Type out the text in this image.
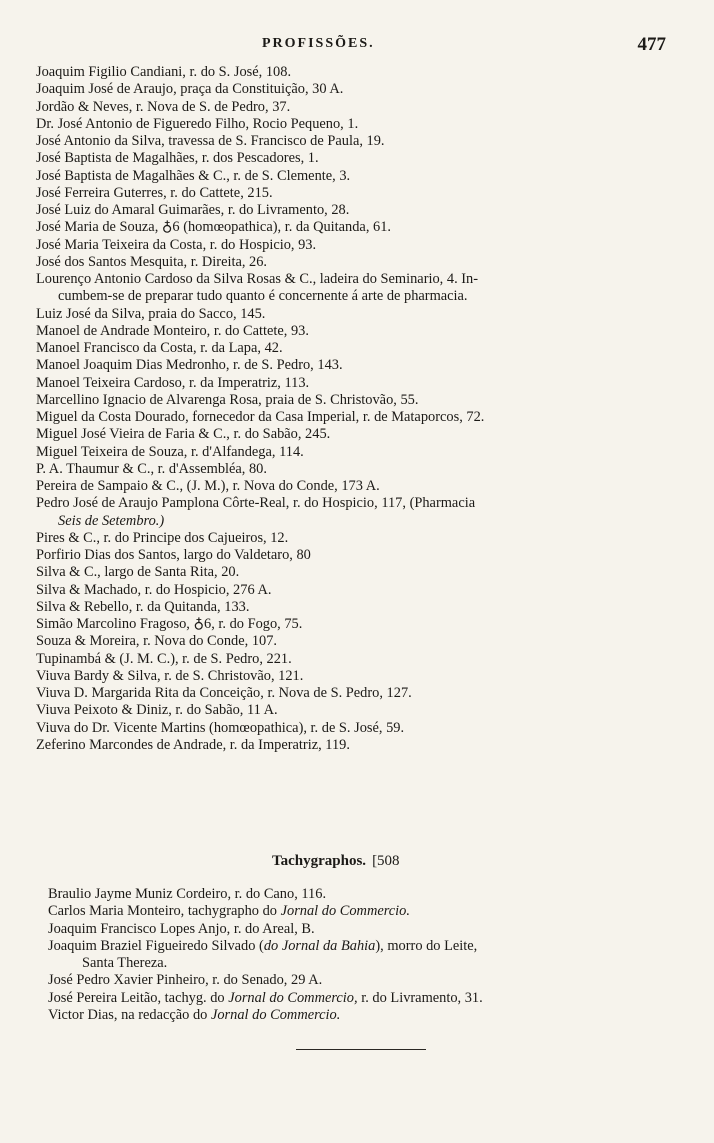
PROFISSÕES.	477
Joaquim Figilio Candiani, r. do S. José, 108.
Joaquim José de Araujo, praça da Constituição, 30 A.
Jordão & Neves, r. Nova de S. de Pedro, 37.
Dr. José Antonio de Figueredo Filho, Rocio Pequeno, 1.
José Antonio da Silva, travessa de S. Francisco de Paula, 19.
José Baptista de Magalhães, r. dos Pescadores, 1.
José Baptista de Magalhães & C., r. de S. Clemente, 3.
José Ferreira Guterres, r. do Cattete, 215.
José Luiz do Amaral Guimarães, r. do Livramento, 28.
José Maria de Souza, ♁6 (homœopathica), r. da Quitanda, 61.
José Maria Teixeira da Costa, r. do Hospicio, 93.
José dos Santos Mesquita, r. Direita, 26.
Lourenço Antonio Cardoso da Silva Rosas & C., ladeira do Seminario, 4. In-
cumbem-se de preparar tudo quanto é concernente á arte de pharmacia.
Luiz José da Silva, praia do Sacco, 145.
Manoel de Andrade Monteiro, r. do Cattete, 93.
Manoel Francisco da Costa, r. da Lapa, 42.
Manoel Joaquim Dias Medronho, r. de S. Pedro, 143.
Manoel Teixeira Cardoso, r. da Imperatriz, 113.
Marcellino Ignacio de Alvarenga Rosa, praia de S. Christovão, 55.
Miguel da Costa Dourado, fornecedor da Casa Imperial, r. de Mataporcos, 72.
Miguel José Vieira de Faria & C., r. do Sabão, 245.
Miguel Teixeira de Souza, r. d'Alfandega, 114.
P. A. Thaumur & C., r. d'Assembléa, 80.
Pereira de Sampaio & C., (J. M.), r. Nova do Conde, 173 A.
Pedro José de Araujo Pamplona Côrte-Real, r. do Hospicio, 117, (Pharmacia
Seis de Setembro.)
Pires & C., r. do Principe dos Cajueiros, 12.
Porfirio Dias dos Santos, largo do Valdetaro, 80
Silva & C., largo de Santa Rita, 20.
Silva & Machado, r. do Hospicio, 276 A.
Silva & Rebello, r. da Quitanda, 133.
Simão Marcolino Fragoso, ♁6, r. do Fogo, 75.
Souza & Moreira, r. Nova do Conde, 107.
Tupinambá & (J. M. C.), r. de S. Pedro, 221.
Viuva Bardy & Silva, r. de S. Christovão, 121.
Viuva D. Margarida Rita da Conceição, r. Nova de S. Pedro, 127.
Viuva Peixoto & Diniz, r. do Sabão, 11 A.
Viuva do Dr. Vicente Martins (homœopathica), r. de S. José, 59.
Zeferino Marcondes de Andrade, r. da Imperatriz, 119.
Tachygraphos. [508
Braulio Jayme Muniz Cordeiro, r. do Cano, 116.
Carlos Maria Monteiro, tachygrapho do Jornal do Commercio.
Joaquim Francisco Lopes Anjo, r. do Areal, B.
Joaquim Braziel Figueiredo Silvado (do Jornal da Bahia), morro do Leite,
Santa Thereza.
José Pedro Xavier Pinheiro, r. do Senado, 29 A.
José Pereira Leitão, tachyg. do Jornal do Commercio, r. do Livramento, 31.
Victor Dias, na redacção do Jornal do Commercio.
